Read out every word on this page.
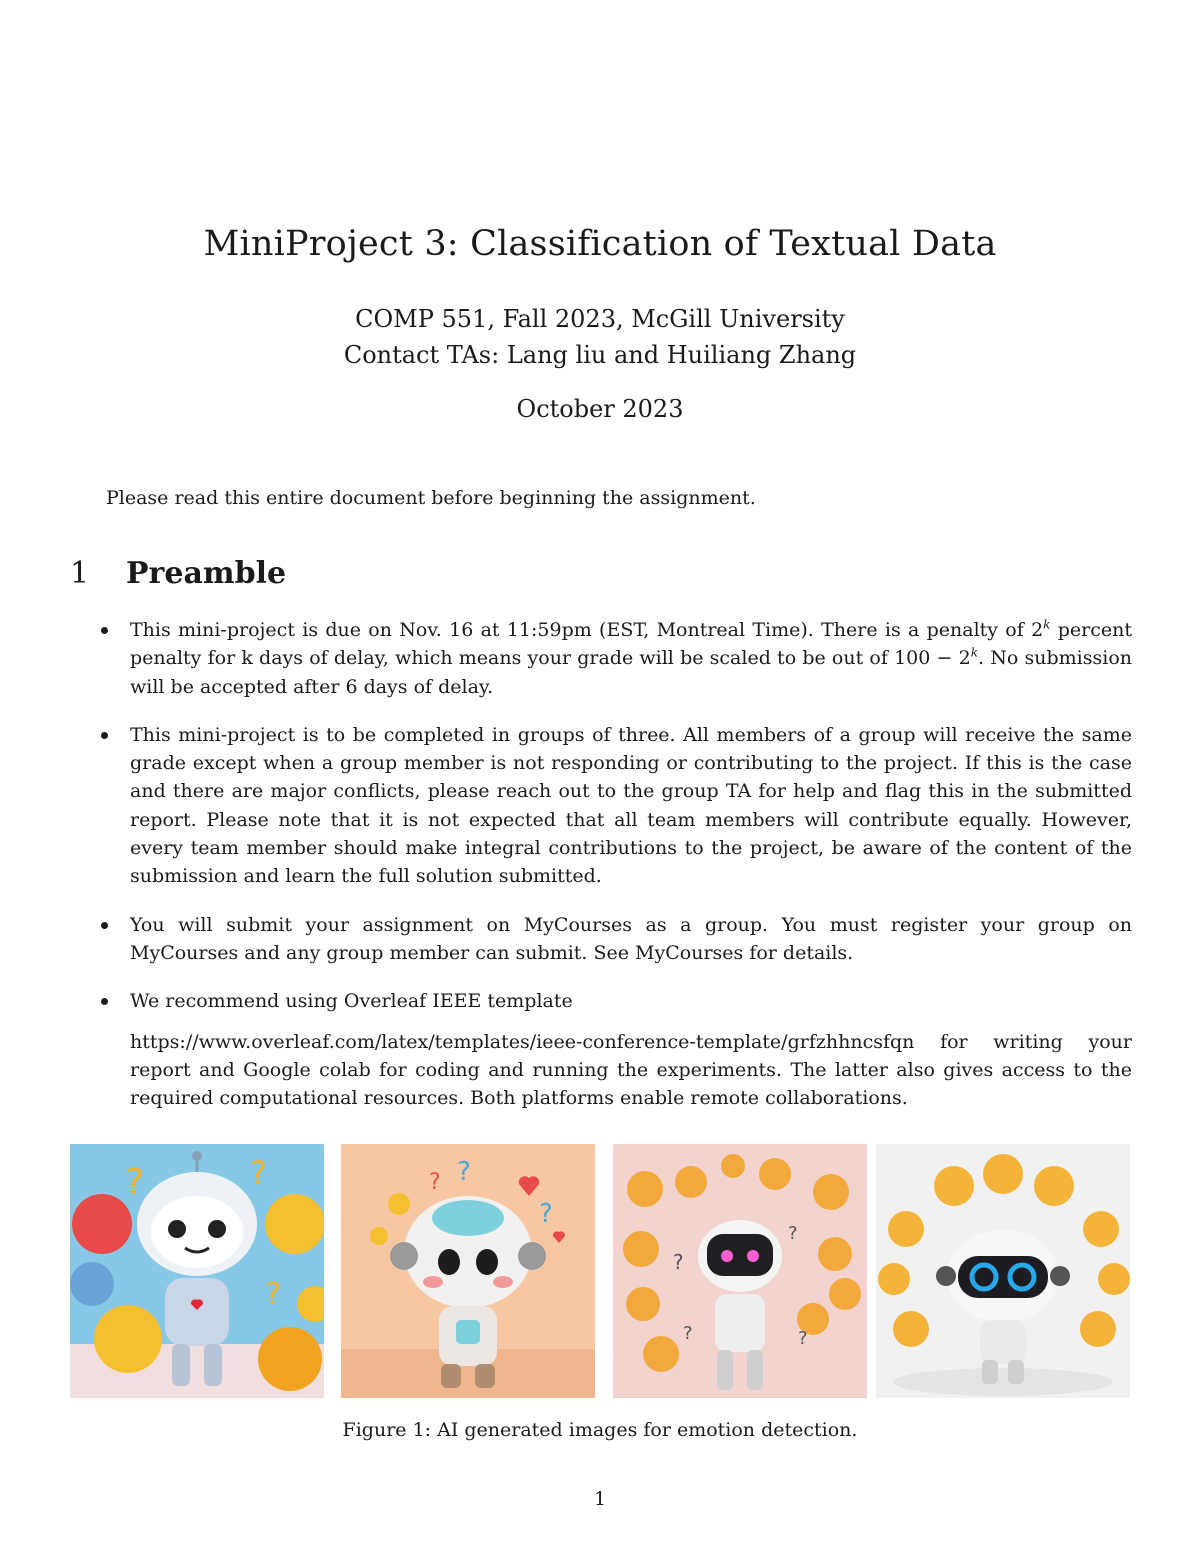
MiniProject 3: Classification of Textual Data
COMP 551, Fall 2023, McGill University
Contact TAs: Lang liu and Huiliang Zhang
October 2023
Please read this entire document before beginning the assignment.
1 Preamble

This mini-project is due on Nov. 16 at 11:59pm (EST, Montreal Time). There is a penalty of 2$^k$ percent penalty for k days of delay, which means your grade will be scaled to be out of $100 - 2^k$. No submission will be accepted after 6 days of delay.

This mini-project is to be completed in groups of three. All members of a group will receive the same grade except when a group member is not responding or contributing to the project. If this is the case and there are major conflicts, please reach out to the group TA for help and flag this in the submitted report. Please note that it is not expected that all team members will contribute equally. However, every team member should make integral contributions to the project, be aware of the content of the submission and learn the full solution submitted.

You will submit your assignment on MyCourses as a group. You must register your group on MyCourses and any group member can submit. See MyCourses for details.

We recommend using Overleaf IEEE template

https://www.overleaf.com/latex/templates/ieee-conference-template/grfzhhncsfqn for writing your report and Google colab for coding and running the experiments. The latter also gives access to the required computational resources. Both platforms enable remote collaborations.

?	?
?
? ?
?
?
?
?
?
Figure 1: AI generated images for emotion detection.
1
